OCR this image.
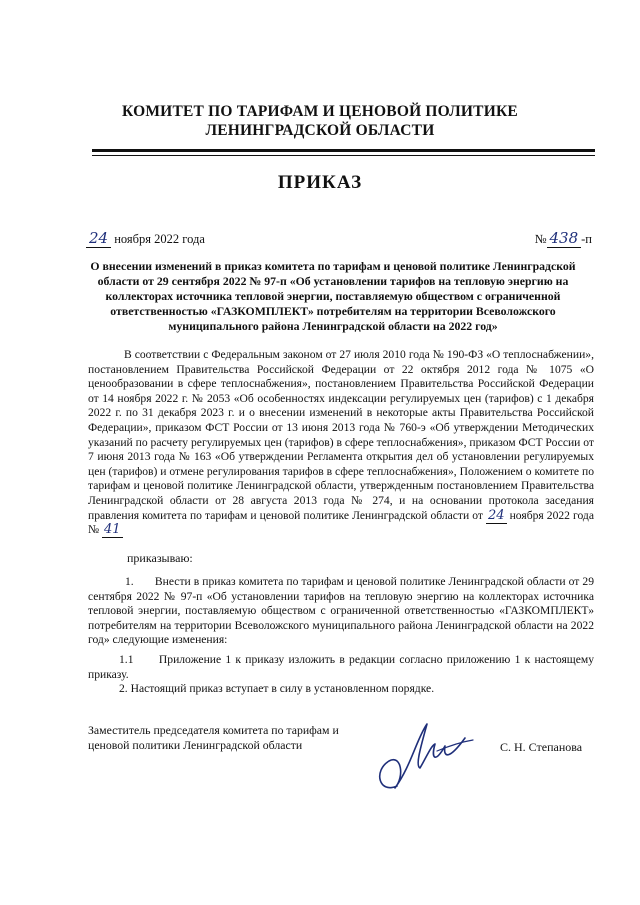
КОМИТЕТ ПО ТАРИФАМ И ЦЕНОВОЙ ПОЛИТИКЕ
ЛЕНИНГРАДСКОЙ ОБЛАСТИ
ПРИКАЗ
24 ноября 2022 года	№ 438 -п
О внесении изменений в приказ комитета по тарифам и ценовой политике Ленинградской области от 29 сентября 2022 № 97-п «Об установлении тарифов на тепловую энергию на коллекторах источника тепловой энергии, поставляемую обществом с ограниченной ответственностью «ГАЗКОМПЛЕКТ» потребителям на территории Всеволожского муниципального района Ленинградской области на 2022 год»
В соответствии с Федеральным законом от 27 июля 2010 года № 190-ФЗ «О теплоснабжении», постановлением Правительства Российской Федерации от 22 октября 2012 года № 1075 «О ценообразовании в сфере теплоснабжения», постановлением Правительства Российской Федерации от 14 ноября 2022 г. № 2053 «Об особенностях индексации регулируемых цен (тарифов) с 1 декабря 2022 г. по 31 декабря 2023 г. и о внесении изменений в некоторые акты Правительства Российской Федерации», приказом ФСТ России от 13 июня 2013 года № 760-э «Об утверждении Методических указаний по расчету регулируемых цен (тарифов) в сфере теплоснабжения», приказом ФСТ России от 7 июня 2013 года № 163 «Об утверждении Регламента открытия дел об установлении регулируемых цен (тарифов) и отмене регулирования тарифов в сфере теплоснабжения», Положением о комитете по тарифам и ценовой политике Ленинградской области, утвержденным постановлением Правительства Ленинградской области от 28 августа 2013 года № 274, и на основании протокола заседания правления комитета по тарифам и ценовой политике Ленинградской области от 24 ноября 2022 года № 41
приказываю:
1.       Внести в приказ комитета по тарифам и ценовой политике Ленинградской области от 29 сентября 2022 № 97-п «Об установлении тарифов на тепловую энергию на коллекторах источника тепловой энергии, поставляемую обществом с ограниченной ответственностью «ГАЗКОМПЛЕКТ» потребителям на территории Всеволожского муниципального района Ленинградской области на 2022 год» следующие изменения:
1.1      Приложение 1 к приказу изложить в редакции согласно приложению 1 к настоящему приказу.
2. Настоящий приказ вступает в силу в установленном порядке.
Заместитель председателя комитета по тарифам и
ценовой политики Ленинградской области	С. Н. Степанова
